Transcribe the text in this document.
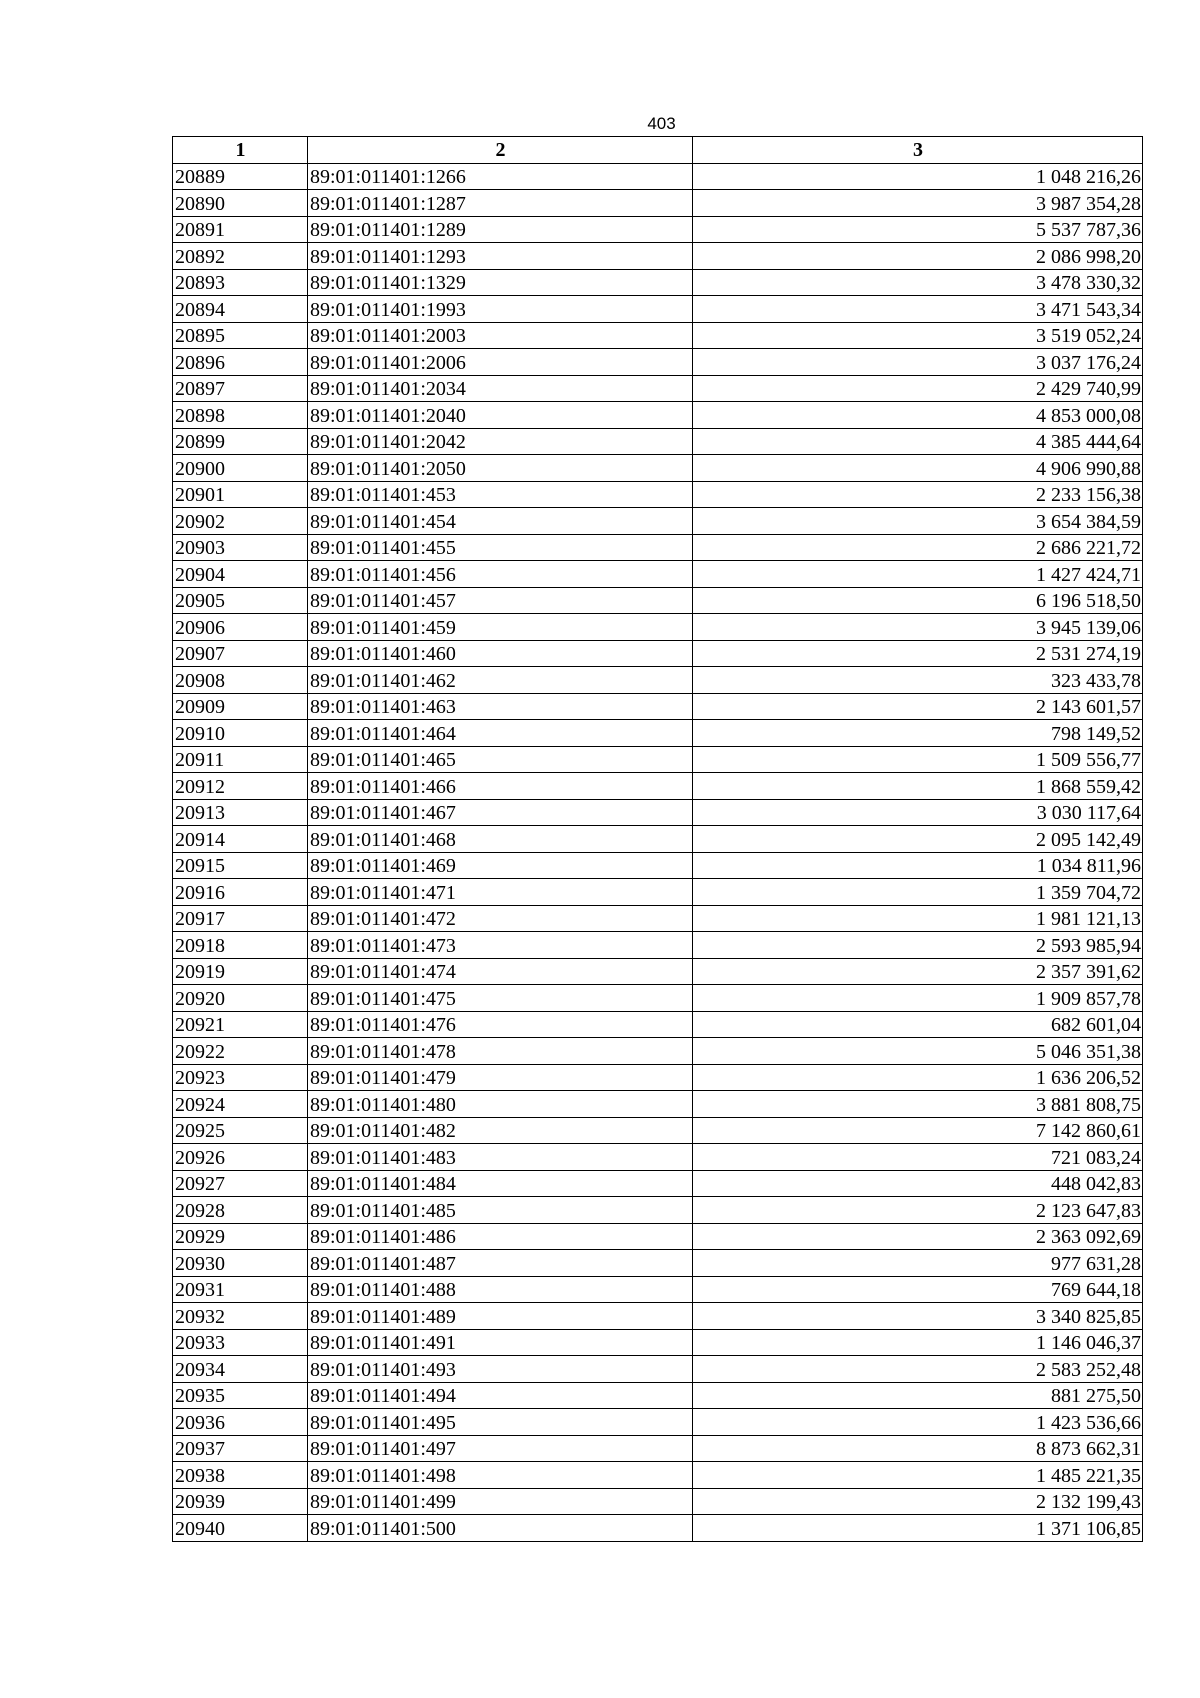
403
1	2	3
20889	89:01:011401:1266	1 048 216,26
20890	89:01:011401:1287	3 987 354,28
20891	89:01:011401:1289	5 537 787,36
20892	89:01:011401:1293	2 086 998,20
20893	89:01:011401:1329	3 478 330,32
20894	89:01:011401:1993	3 471 543,34
20895	89:01:011401:2003	3 519 052,24
20896	89:01:011401:2006	3 037 176,24
20897	89:01:011401:2034	2 429 740,99
20898	89:01:011401:2040	4 853 000,08
20899	89:01:011401:2042	4 385 444,64
20900	89:01:011401:2050	4 906 990,88
20901	89:01:011401:453	2 233 156,38
20902	89:01:011401:454	3 654 384,59
20903	89:01:011401:455	2 686 221,72
20904	89:01:011401:456	1 427 424,71
20905	89:01:011401:457	6 196 518,50
20906	89:01:011401:459	3 945 139,06
20907	89:01:011401:460	2 531 274,19
20908	89:01:011401:462	323 433,78
20909	89:01:011401:463	2 143 601,57
20910	89:01:011401:464	798 149,52
20911	89:01:011401:465	1 509 556,77
20912	89:01:011401:466	1 868 559,42
20913	89:01:011401:467	3 030 117,64
20914	89:01:011401:468	2 095 142,49
20915	89:01:011401:469	1 034 811,96
20916	89:01:011401:471	1 359 704,72
20917	89:01:011401:472	1 981 121,13
20918	89:01:011401:473	2 593 985,94
20919	89:01:011401:474	2 357 391,62
20920	89:01:011401:475	1 909 857,78
20921	89:01:011401:476	682 601,04
20922	89:01:011401:478	5 046 351,38
20923	89:01:011401:479	1 636 206,52
20924	89:01:011401:480	3 881 808,75
20925	89:01:011401:482	7 142 860,61
20926	89:01:011401:483	721 083,24
20927	89:01:011401:484	448 042,83
20928	89:01:011401:485	2 123 647,83
20929	89:01:011401:486	2 363 092,69
20930	89:01:011401:487	977 631,28
20931	89:01:011401:488	769 644,18
20932	89:01:011401:489	3 340 825,85
20933	89:01:011401:491	1 146 046,37
20934	89:01:011401:493	2 583 252,48
20935	89:01:011401:494	881 275,50
20936	89:01:011401:495	1 423 536,66
20937	89:01:011401:497	8 873 662,31
20938	89:01:011401:498	1 485 221,35
20939	89:01:011401:499	2 132 199,43
20940	89:01:011401:500	1 371 106,85
